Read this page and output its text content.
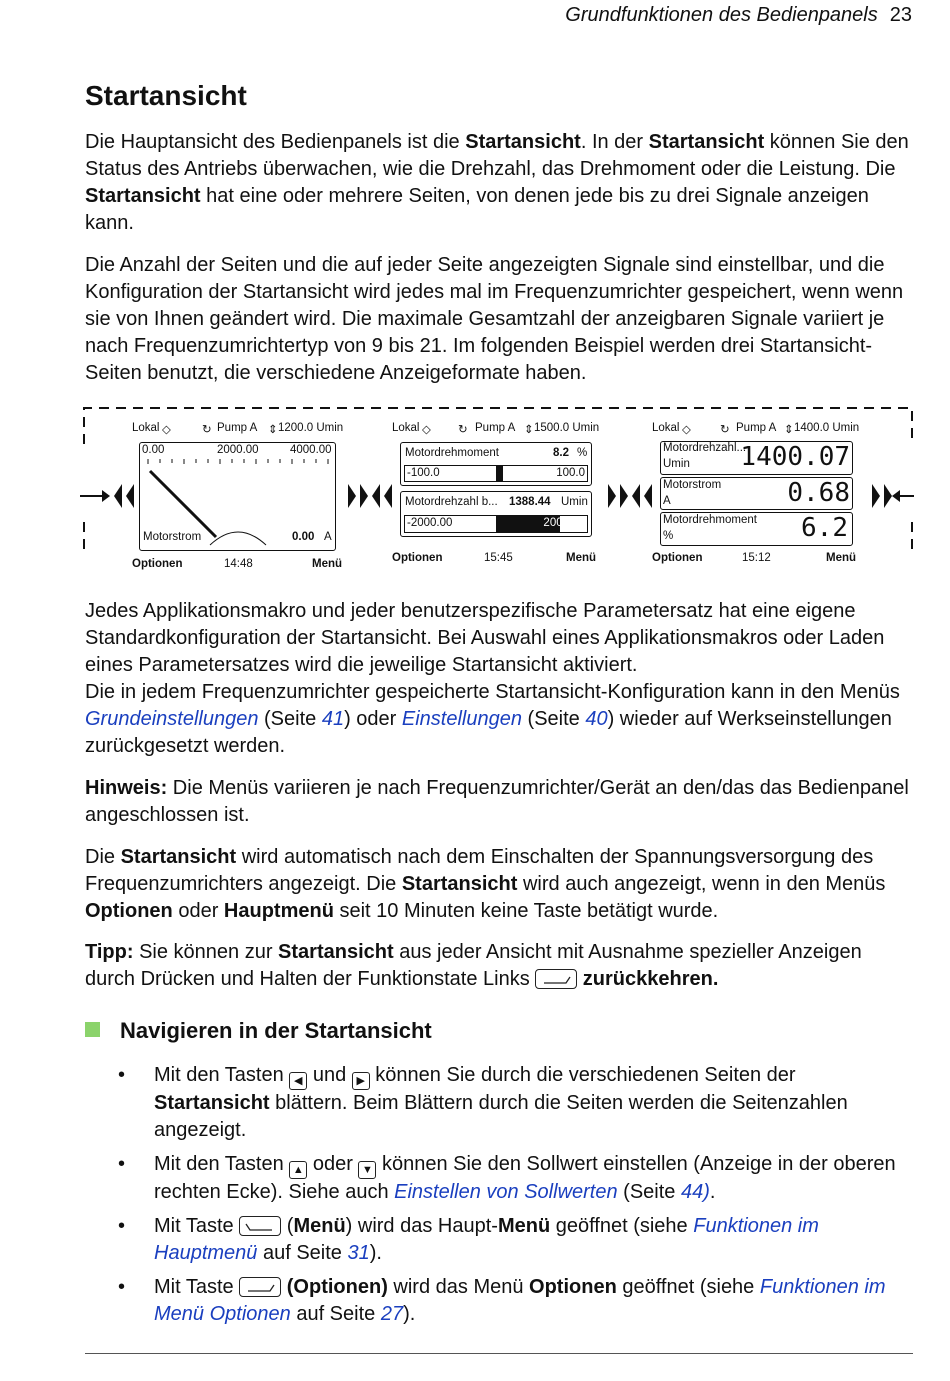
Grundfunktionen des Bedienpanels 23
Startansicht

Die Hauptansicht des Bedienpanels ist die Startansicht. In der Startansicht können Sie den Status des Antriebs überwachen, wie die Drehzahl, das Drehmoment oder die Leistung. Die Startansicht hat eine oder mehrere Seiten, von denen jede bis zu drei Signale anzeigen kann.

Die Anzahl der Seiten und die auf jeder Seite angezeigten Signale sind einstellbar, und die Konfiguration der Startansicht wird jedes mal im Frequenzumrichter gespeichert, wenn wenn sie von Ihnen geändert wird. Die maximale Gesamtzahl der anzeigbaren Signale variiert je nach Frequenzumrichtertyp von 9 bis 21. Im folgenden Beispiel werden drei Startansicht-Seiten benutzt, die verschiedene Anzeigeformate haben.

Lokal ◇	↻ Pump A ⇕ 1200.0 Umin
0.00	2000.00	4000.00
Motorstrom	0.00 A
Optionen	14:48	Menü
Lokal ◇ ↻ Pump A ⇕ 1500.0 Umin
Motordrehmoment	8.2 %
-100.0	100.0
Motordrehzahl b... 1388.44 Umin
-2000.00	2000.00
Optionen	15:45	Menü
Lokal ◇	↻ Pump A ⇕ 1400.0 Umin
Motordrehzahl...
Umin 1400.07
Motorstrom
A	0.68
Motordrehmoment
%	6.2
Optionen	15:12	Menü

Jedes Applikationsmakro und jeder benutzerspezifische Parametersatz hat eine eigene Standardkonfiguration der Startansicht. Bei Auswahl eines Applikationsmakros oder Laden eines Parametersatzes wird die jeweilige Startansicht aktiviert.

Die in jedem Frequenzumrichter gespeicherte Startansicht-Konfiguration kann in den Menüs Grundeinstellungen (Seite 41) oder Einstellungen (Seite 40) wieder auf Werkseinstellungen zurückgesetzt werden.

Hinweis: Die Menüs variieren je nach Frequenzumrichter/Gerät an den/das das Bedienpanel angeschlossen ist.

Die Startansicht wird automatisch nach dem Einschalten der Spannungsversorgung des Frequenzumrichters angezeigt. Die Startansicht wird auch angezeigt, wenn in den Menüs Optionen oder Hauptmenü seit 10 Minuten keine Taste betätigt wurde.

Tipp: Sie können zur Startansicht aus jeder Ansicht mit Ausnahme spezieller Anzeigen durch Drücken und Halten der Funktionstate Links  zurückkehren.

Navigieren in der Startansicht
• Mit den Tasten ◀ und ▶ können Sie durch die verschiedenen Seiten der Startansicht blättern. Beim Blättern durch die Seiten werden die Seitenzahlen angezeigt.
• Mit den Tasten ▲ oder ▼ können Sie den Sollwert einstellen (Anzeige in der oberen rechten Ecke). Siehe auch Einstellen von Sollwerten (Seite 44).
• Mit Taste  (Menü) wird das Haupt-Menü geöffnet (siehe Funktionen im Hauptmenü auf Seite 31).
• Mit Taste  (Optionen) wird das Menü Optionen geöffnet (siehe Funktionen im Menü Optionen auf Seite 27).
